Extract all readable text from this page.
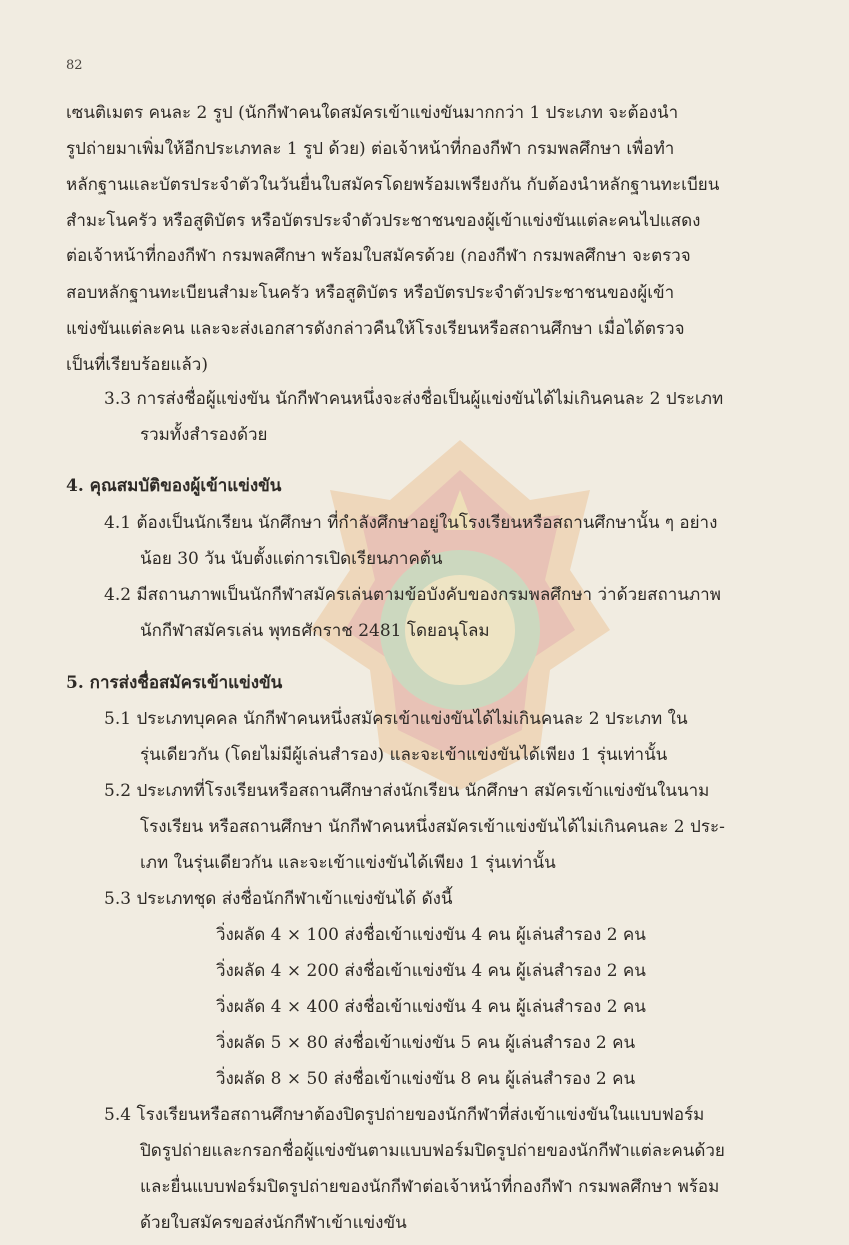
82
เซนติเมตร คนละ 2 รูป (นักกีฬาคนใดสมัครเข้าแข่งขันมากกว่า 1 ประเภท จะต้องนำ
รูปถ่ายมาเพิ่มให้อีกประเภทละ 1 รูป ด้วย) ต่อเจ้าหน้าที่กองกีฬา กรมพลศึกษา เพื่อทำ
หลักฐานและบัตรประจำตัวในวันยื่นใบสมัครโดยพร้อมเพรียงกัน กับต้องนำหลักฐานทะเบียน
สำมะโนครัว หรือสูติบัตร หรือบัตรประจำตัวประชาชนของผู้เข้าแข่งขันแต่ละคนไปแสดง
ต่อเจ้าหน้าที่กองกีฬา กรมพลศึกษา พร้อมใบสมัครด้วย (กองกีฬา กรมพลศึกษา จะตรวจ
สอบหลักฐานทะเบียนสำมะโนครัว หรือสูติบัตร หรือบัตรประจำตัวประชาชนของผู้เข้า
แข่งขันแต่ละคน และจะส่งเอกสารดังกล่าวคืนให้โรงเรียนหรือสถานศึกษา เมื่อได้ตรวจ
เป็นที่เรียบร้อยแล้ว)
3.3 การส่งชื่อผู้แข่งขัน นักกีฬาคนหนึ่งจะส่งชื่อเป็นผู้แข่งขันได้ไม่เกินคนละ 2 ประเภท
รวมทั้งสำรองด้วย
4. คุณสมบัติของผู้เข้าแข่งขัน
4.1 ต้องเป็นนักเรียน นักศึกษา ที่กำลังศึกษาอยู่ในโรงเรียนหรือสถานศึกษานั้น ๆ อย่าง
น้อย 30 วัน นับตั้งแต่การเปิดเรียนภาคต้น
4.2 มีสถานภาพเป็นนักกีฬาสมัครเล่นตามข้อบังคับของกรมพลศึกษา ว่าด้วยสถานภาพ
นักกีฬาสมัครเล่น พุทธศักราช 2481 โดยอนุโลม
5. การส่งชื่อสมัครเข้าแข่งขัน
5.1 ประเภทบุคคล นักกีฬาคนหนึ่งสมัครเข้าแข่งขันได้ไม่เกินคนละ 2 ประเภท ใน
รุ่นเดียวกัน (โดยไม่มีผู้เล่นสำรอง) และจะเข้าแข่งขันได้เพียง 1 รุ่นเท่านั้น
5.2 ประเภทที่โรงเรียนหรือสถานศึกษาส่งนักเรียน นักศึกษา สมัครเข้าแข่งขันในนาม
โรงเรียน หรือสถานศึกษา นักกีฬาคนหนึ่งสมัครเข้าแข่งขันได้ไม่เกินคนละ 2 ประ-
เภท ในรุ่นเดียวกัน และจะเข้าแข่งขันได้เพียง 1 รุ่นเท่านั้น
5.3 ประเภทชุด ส่งชื่อนักกีฬาเข้าแข่งขันได้ ดังนี้
วิ่งผลัด 4 × 100 ส่งชื่อเข้าแข่งขัน 4 คน ผู้เล่นสำรอง 2 คน
วิ่งผลัด 4 × 200 ส่งชื่อเข้าแข่งขัน 4 คน ผู้เล่นสำรอง 2 คน
วิ่งผลัด 4 × 400 ส่งชื่อเข้าแข่งขัน 4 คน ผู้เล่นสำรอง 2 คน
วิ่งผลัด 5 × 80 ส่งชื่อเข้าแข่งขัน 5 คน ผู้เล่นสำรอง 2 คน
วิ่งผลัด 8 × 50 ส่งชื่อเข้าแข่งขัน 8 คน ผู้เล่นสำรอง 2 คน
5.4 โรงเรียนหรือสถานศึกษาต้องปิดรูปถ่ายของนักกีฬาที่ส่งเข้าแข่งขันในแบบฟอร์ม
ปิดรูปถ่ายและกรอกชื่อผู้แข่งขันตามแบบฟอร์มปิดรูปถ่ายของนักกีฬาแต่ละคนด้วย
และยื่นแบบฟอร์มปิดรูปถ่ายของนักกีฬาต่อเจ้าหน้าที่กองกีฬา กรมพลศึกษา พร้อม
ด้วยใบสมัครขอส่งนักกีฬาเข้าแข่งขัน
